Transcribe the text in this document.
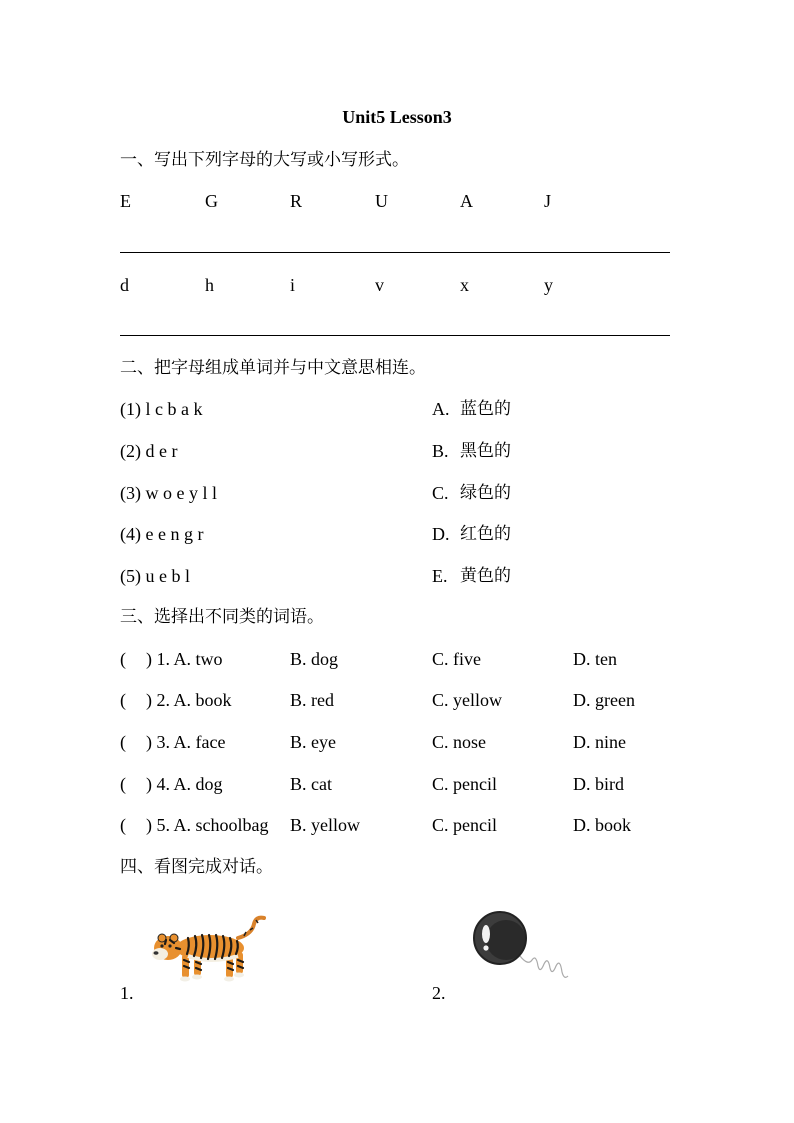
Unit5 Lesson3
一、写出下列字母的大写或小写形式。
E	G	R	U	A	J
d	h	i	v	x	y
二、把字母组成单词并与中文意思相连。
(1) l c b a k	A. 蓝色的
(2) d e r	B. 黑色的
(3) w o e y l l	C. 绿色的
(4) e e n g r	D. 红色的
(5) u e b l	E. 黄色的
三、选择出不同类的词语。
( ) 1. A. two	B. dog	C. five	D. ten
( ) 2. A. book	B. red	C. yellow	D. green
( ) 3. A. face	B. eye	C. nose	D. nine
( ) 4. A. dog	B. cat	C. pencil	D. bird
( ) 5. A. schoolbag B. yellow	C. pencil	D. book
四、看图完成对话。
1.	2.
